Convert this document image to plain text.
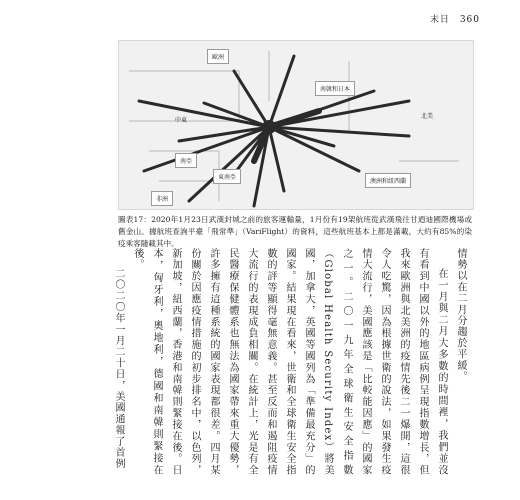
末日 360
歐洲
南韓和日本
中東
北美
南亞
東南亞
澳洲和紐西蘭
非洲
圖表17：2020年1月23日武漢封城之前的旅客運輸量，1月份有19架航班從武漢飛往甘迺迪國際機場或舊金山。據航班查詢平臺「飛常準」（VariFlight）的資料，這些航班基本上都是滿載，大約有85%的染疫乘客隨載其中。

情勢以在二月分趨於平緩。

在一月與二月大多數的時間裡，我們並沒有看到中國以外的地區病例呈現指數增長，但我來歐洲與北美洲的疫情先後二一爆開，這很令人吃驚，因為根據世衛的說法，如果發生疫情大流行，美國應該是「比較能因應」的國家之一。二〇一九年全球衛生安全指數（Global Health Security Index）將美國，加拿大，英國等國列為「準備最充分」的國家。結果現在看來，世衛和全球衛生安全指數的評等顯得毫無意義。甚至反而和遏阻疫情大流行的表現成負相關。在統計上，光是有全民醫療保健體系也無法為國家帶來重大優勢，許多擁有這種系統的國家表現都很差。四月某份關於因應疫情措施的初步排名中，以色列，新加坡，紐西蘭，香港和南韓則緊接在後。日本，匈牙利，奧地利，德國和南韓則緊接在後。

二〇二〇年一月二十日，美國通報了首例
